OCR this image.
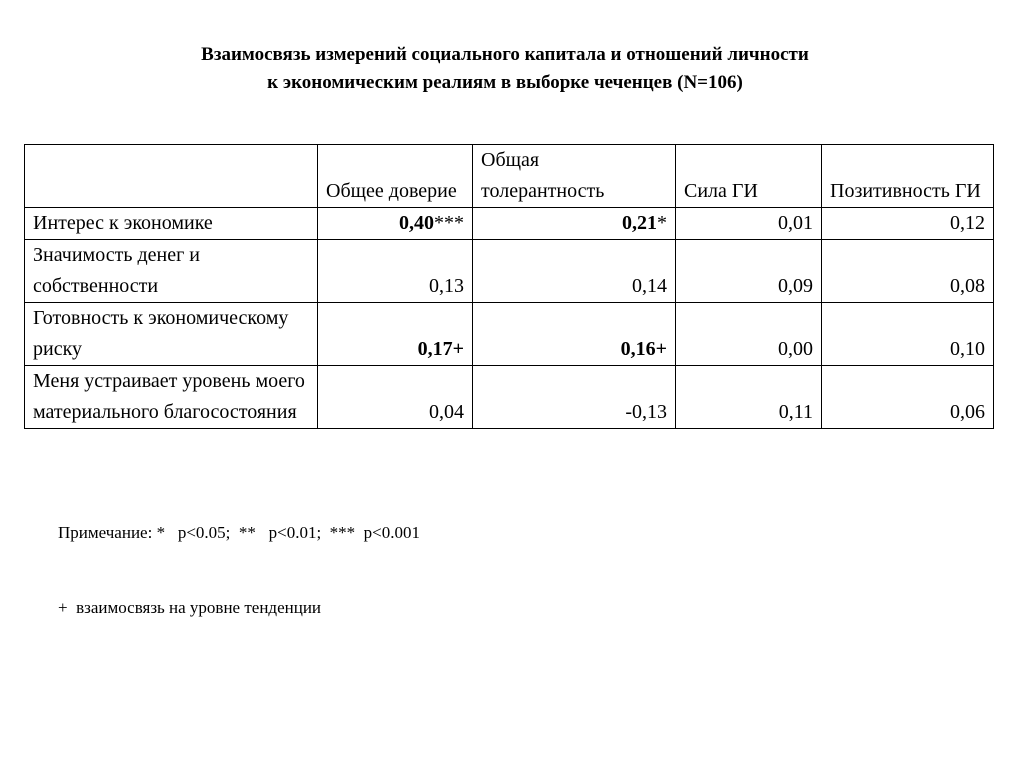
Взаимосвязь измерений социального капитала и отношений личности
к экономическим реалиям в выборке чеченцев (N=106)
	Общее доверие	Общая толерантность	Сила ГИ	Позитивность ГИ
Интерес к экономике	0,40***	0,21*	0,01	0,12
Значимость денег и собственности	0,13	0,14	0,09	0,08
Готовность к экономическому риску	0,17+	0,16+	0,00	0,10
Меня устраивает уровень моего материального благосостояния	0,04	-0,13	0,11	0,06

Примечание: *   p<0.05;  **   p<0.01;  ***  p<0.001

+  взаимосвязь на уровне тенденции
